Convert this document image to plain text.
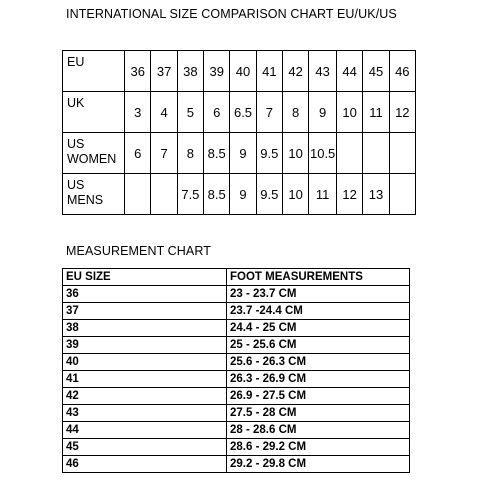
INTERNATIONAL SIZE COMPARISON CHART EU/UK/US
EU	36	37	38	39	40	41	42	43	44	45	46

UK	3	4	5	6	6.5	7	8	9	10	11	12

US
WOMEN	6	7	8	8.5	9	9.5	10	10.5			

US
MENS			7.5	8.5	9	9.5	10	11	12	13	
MEASUREMENT CHART
EU SIZE	FOOT MEASUREMENTS
36	23 - 23.7 CM
37	23.7 -24.4 CM
38	24.4 - 25 CM
39	25 - 25.6 CM
40	25.6 - 26.3 CM
41	26.3 - 26.9 CM
42	26.9 - 27.5 CM
43	27.5 - 28 CM
44	28 - 28.6 CM
45	28.6 - 29.2 CM
46	29.2 - 29.8 CM
